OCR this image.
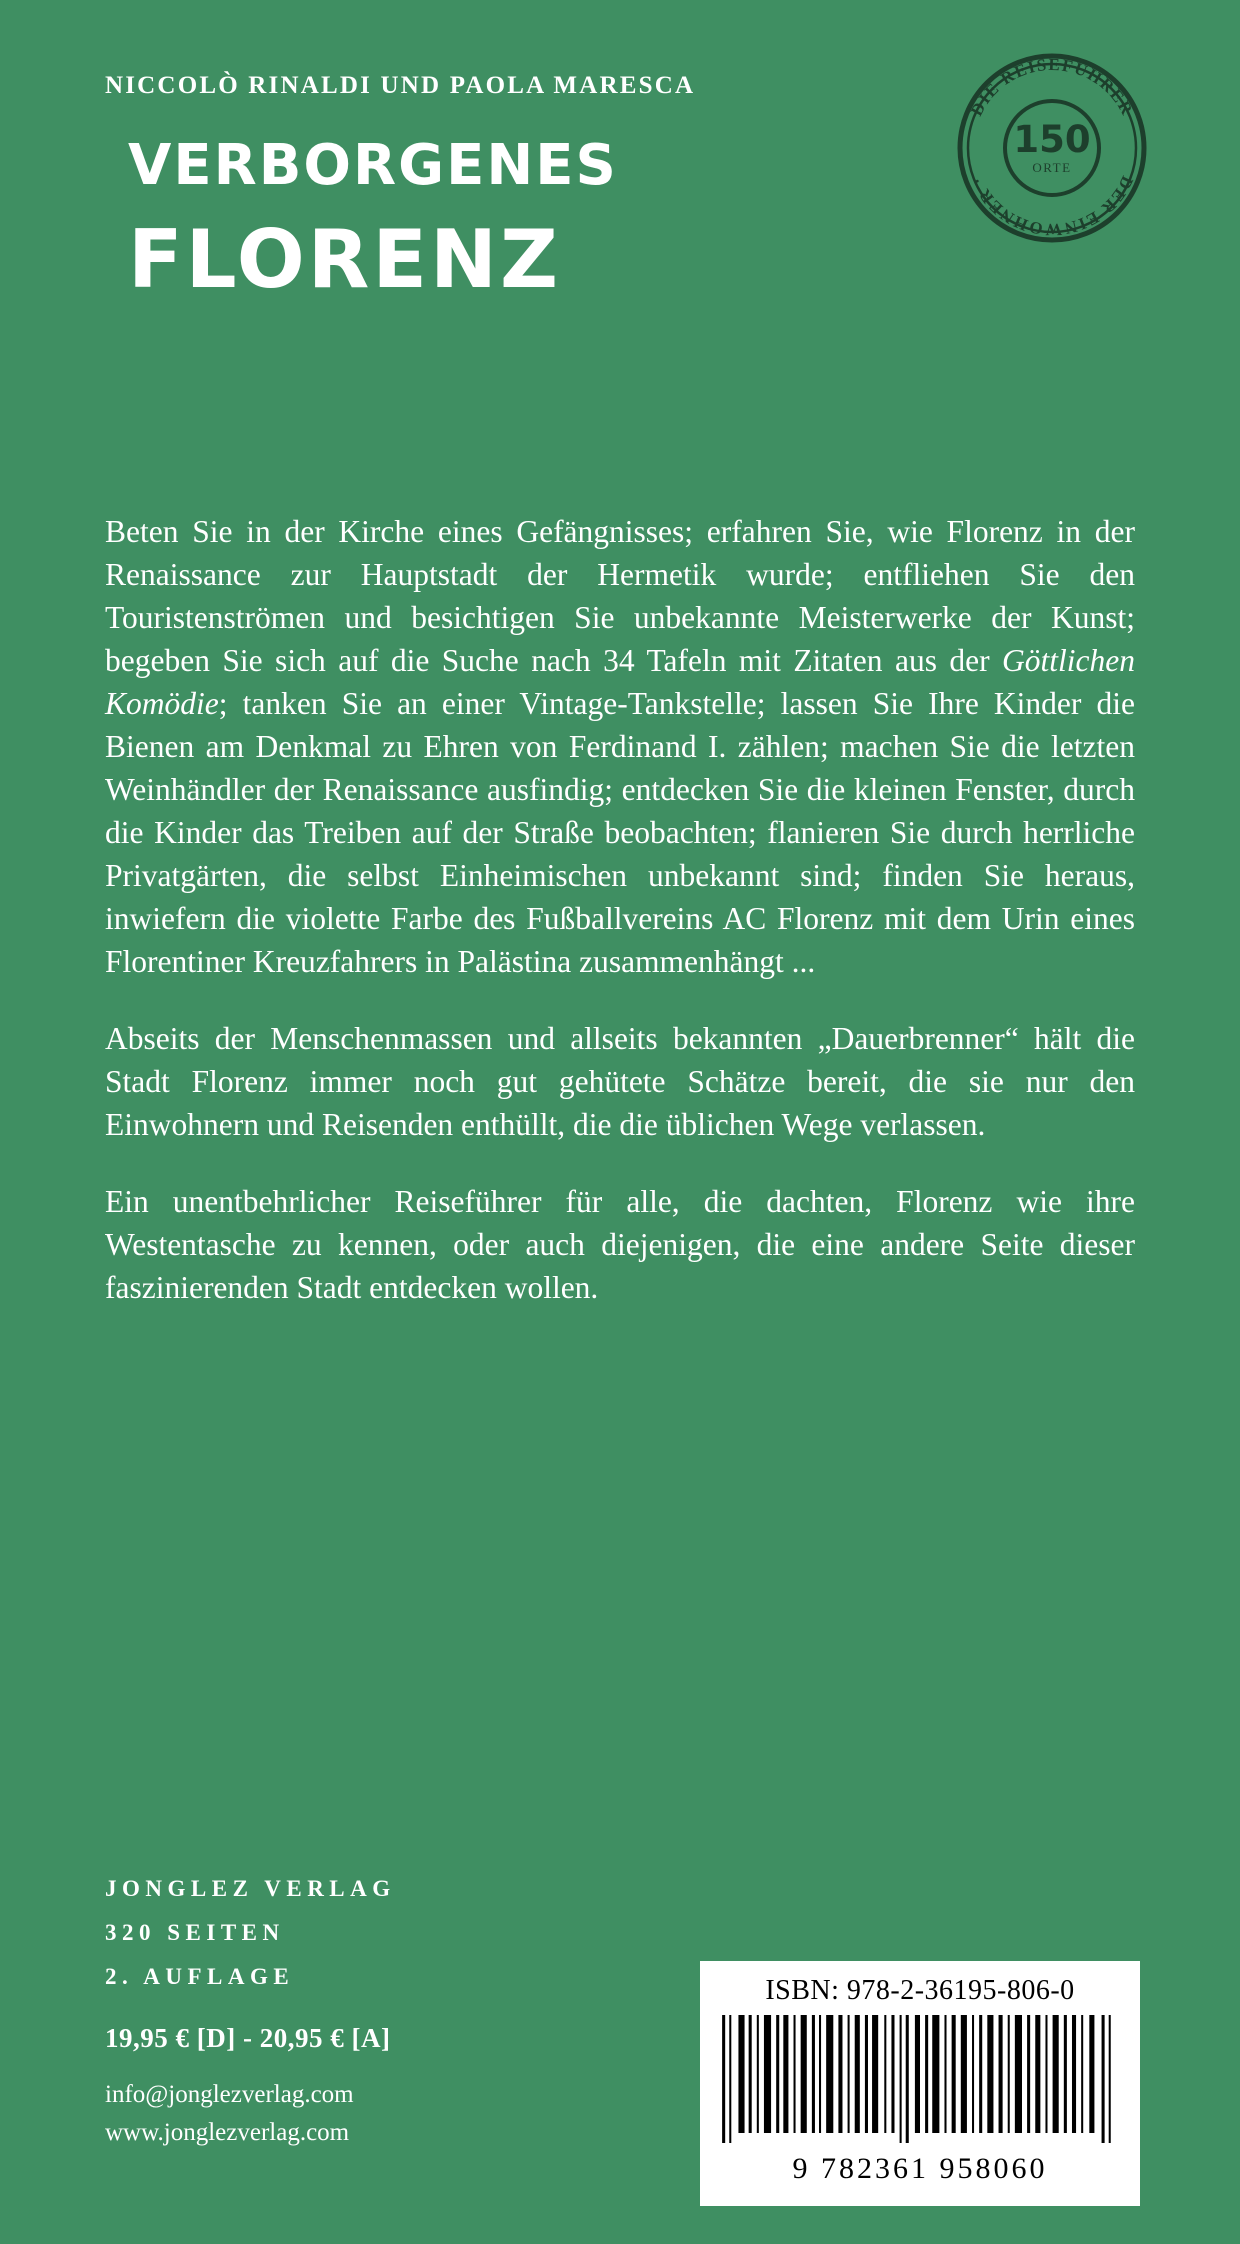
NICCOLÒ RINALDI UND PAOLA MARESCA
VERBORGENES
FLORENZ
DIE REISEFÜHRER
DER EINWOHNER ·
150
ORTE

Beten Sie in der Kirche eines Gefängnisses; erfahren Sie, wie Florenz in der Renaissance zur Hauptstadt der Hermetik wurde; entfliehen Sie den Touristenströmen und besichtigen Sie unbekannte Meisterwerke der Kunst; begeben Sie sich auf die Suche nach 34 Tafeln mit Zitaten aus der Göttlichen Komödie; tanken Sie an einer Vintage-Tankstelle; lassen Sie Ihre Kinder die Bienen am Denkmal zu Ehren von Ferdinand I. zählen; machen Sie die letzten Weinhändler der Renaissance ausfindig; entdecken Sie die kleinen Fenster, durch die Kinder das Treiben auf der Straße beobachten; flanieren Sie durch herrliche Privatgärten, die selbst Einheimischen unbekannt sind; finden Sie heraus, inwiefern die violette Farbe des Fußballvereins AC Florenz mit dem Urin eines Florentiner Kreuzfahrers in Palästina zusammenhängt ...

Abseits der Menschenmassen und allseits bekannten „Dauerbrenner“ hält die Stadt Florenz immer noch gut gehütete Schätze bereit, die sie nur den Einwohnern und Reisenden enthüllt, die die üblichen Wege verlassen.

Ein unentbehrlicher Reiseführer für alle, die dachten, Florenz wie ihre Westentasche zu kennen, oder auch diejenigen, die eine andere Seite dieser faszinierenden Stadt entdecken wollen.

JONGLEZ VERLAG
320 SEITEN
2. AUFLAGE
19,95 € [D] - 20,95 € [A]
info@jonglezverlag.com
www.jonglezverlag.com
ISBN: 978-2-36195-806-0
9 782361 958060
